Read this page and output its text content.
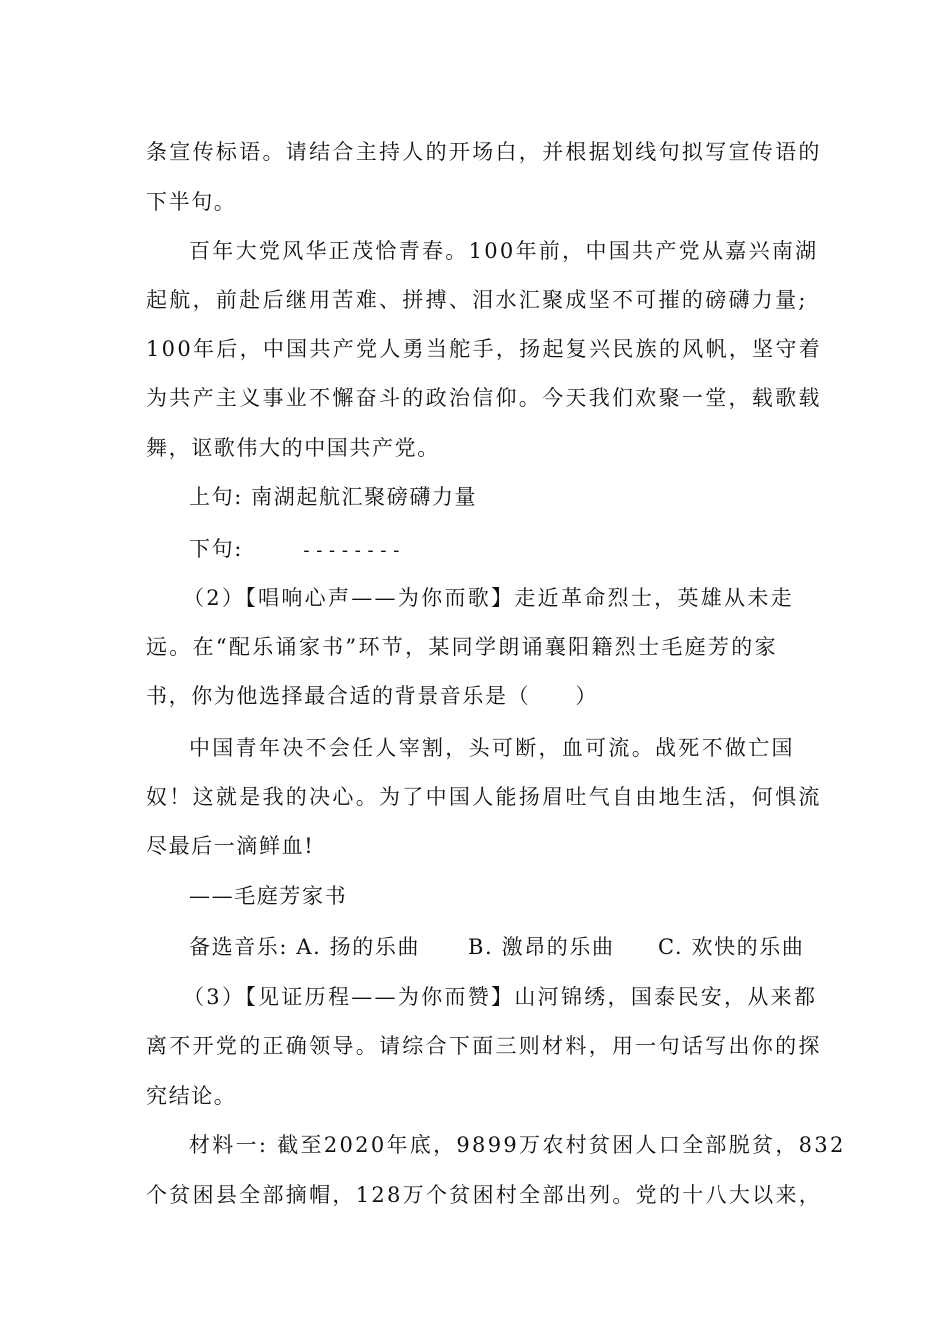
条宣传标语。请结合主持人的开场白，并根据划线句拟写宣传语的
下半句。
百年大党风华正茂恰青春。100年前，中国共产党从嘉兴南湖
起航，前赴后继用苦难、拼搏、泪水汇聚成坚不可摧的磅礴力量;
100年后，中国共产党人勇当舵手，扬起复兴民族的风帆，坚守着
为共产主义事业不懈奋斗的政治信仰。今天我们欢聚一堂，载歌载
舞，讴歌伟大的中国共产党。
上句: 南湖起航汇聚磅礴力量
下句:	--------
（2）【唱响心声——为你而歌】走近革命烈士，英雄从未走
远。在“配乐诵家书”环节，某同学朗诵襄阳籍烈士毛庭芳的家
书，你为他选择最合适的背景音乐是（　　）
中国青年决不会任人宰割，头可断，血可流。战死不做亡国
奴！这就是我的决心。为了中国人能扬眉吐气自由地生活，何惧流
尽最后一滴鲜血!
——毛庭芳家书
备选音乐: A. 扬的乐曲 B. 激昂的乐曲 C. 欢快的乐曲
（3）【见证历程——为你而赞】山河锦绣，国泰民安，从来都
离不开党的正确领导。请综合下面三则材料，用一句话写出你的探
究结论。
材料一: 截至2020年底，9899万农村贫困人口全部脱贫，832
个贫困县全部摘帽，128万个贫困村全部出列。党的十八大以来，
